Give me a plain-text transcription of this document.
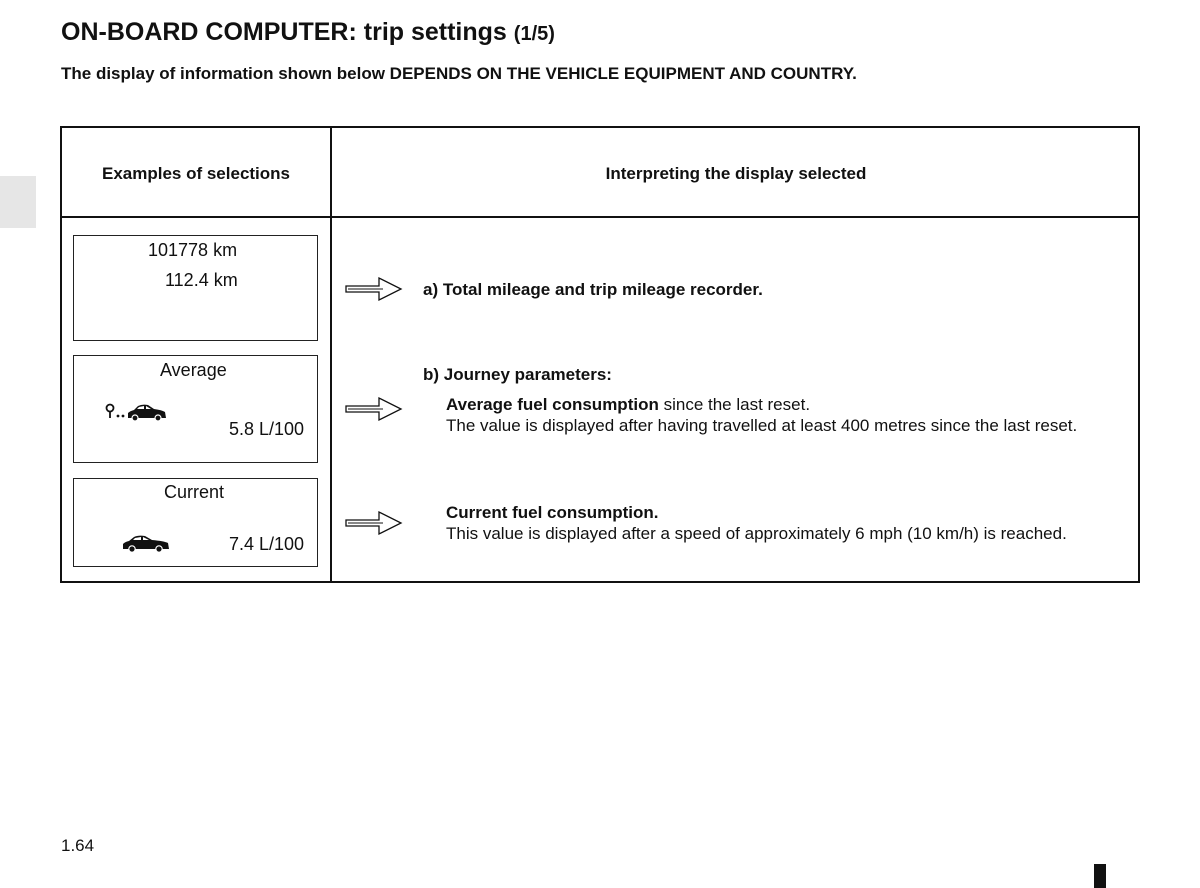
ON-BOARD COMPUTER: trip settings (1/5)

The display of information shown below DEPENDS ON THE VEHICLE EQUIPMENT AND COUNTRY.

Examples of selections	Interpreting the display selected
101778 km
112.4 km
Average
5.8 L/100
Current
7.4 L/100
a) Total mileage and trip mileage recorder.
b) Journey parameters:
Average fuel consumption since the last reset.
The value is displayed after having travelled at least 400 metres since the last reset.
Current fuel consumption.
This value is displayed after a speed of approximately 6 mph (10 km/h) is reached.
1.64
